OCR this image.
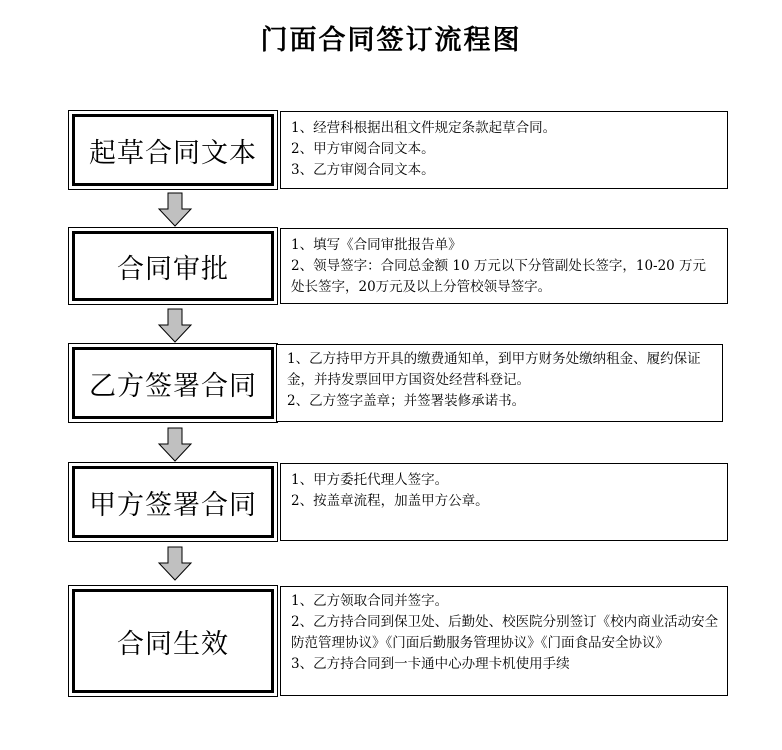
门面合同签订流程图
起草合同文本
1、经营科根据出租文件规定条款起草合同。
2、甲方审阅合同文本。
3、乙方审阅合同文本。
合同审批
1、填写《合同审批报告单》
2、领导签字：合同总金额 10 万元以下分管副处长签字，10-20 万元处长签字，20万元及以上分管校领导签字。
乙方签署合同
1、乙方持甲方开具的缴费通知单，到甲方财务处缴纳租金、履约保证金，并持发票回甲方国资处经营科登记。
2、乙方签字盖章；并签署装修承诺书。
甲方签署合同
1、甲方委托代理人签字。
2、按盖章流程，加盖甲方公章。
合同生效
1、乙方领取合同并签字。
2、乙方持合同到保卫处、后勤处、校医院分别签订《校内商业活动安全防范管理协议》《门面后勤服务管理协议》《门面食品安全协议》
3、乙方持合同到一卡通中心办理卡机使用手续
